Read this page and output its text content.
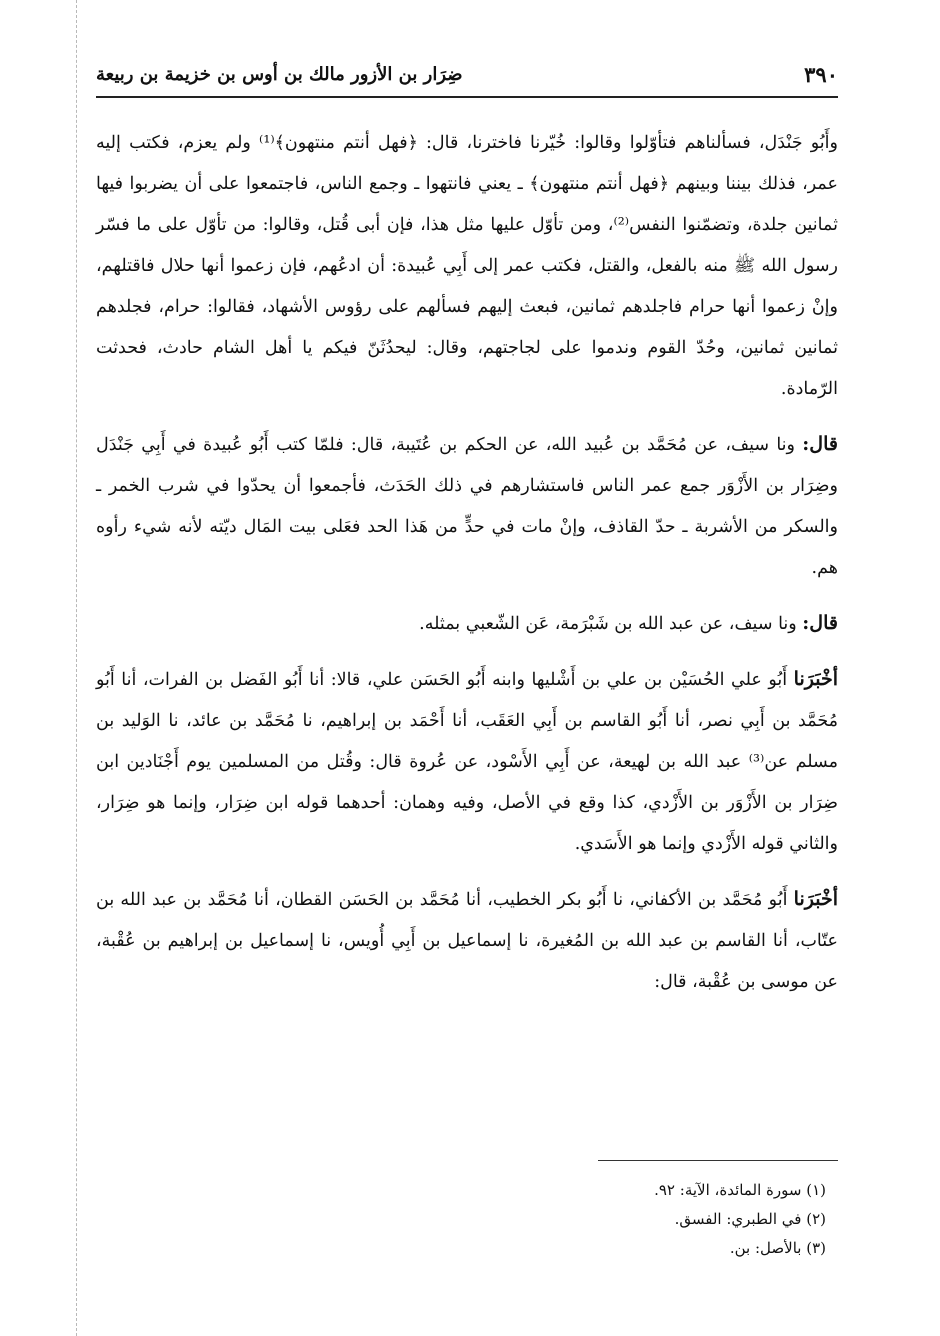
٣٩٠
ضِرَار بن الأزور مالك بن أوس بن خزيمة بن ربيعة

وأَبُو جَنْدَل، فسألناهم فتأوّلوا وقالوا: خُيّرنا فاخترنا، قال: ﴿فهل أنتم منتهون﴾⁽¹⁾ ولم يعزم، فكتب إليه عمر، فذلك بيننا وبينهم ﴿فهل أنتم منتهون﴾ ـ يعني فانتهوا ـ وجمع الناس، فاجتمعوا على أن يضربوا فيها ثمانين جلدة، وتضمّنوا النفس⁽²⁾، ومن تأوّل عليها مثل هذا، فإن أبى قُتل، وقالوا: من تأوّل على ما فسّر رسول الله ﷺ منه بالفعل، والقتل، فكتب عمر إلى أَبِي عُبيدة: أن ادعُهم، فإن زعموا أنها حلال فاقتلهم، وإنْ زعموا أنها حرام فاجلدهم ثمانين، فبعث إليهم فسألهم على رؤوس الأشهاد، فقالوا: حرام، فجلدهم ثمانين ثمانين، وحُدّ القوم وندموا على لجاجتهم، وقال: ليحدُثَنّ فيكم يا أهل الشام حادث، فحدثت الرّمادة.

قال: ونا سيف، عن مُحَمَّد بن عُبيد الله، عن الحكم بن عُتَيبة، قال: فلمّا كتب أَبُو عُبيدة في أَبِي جَنْدَل وضِرَار بن الأَزْوَر جمع عمر الناس فاستشارهم في ذلك الحَدَث، فأجمعوا أن يحدّوا في شرب الخمر ـ والسكر من الأشربة ـ حدّ القاذف، وإنْ مات في حدٍّ من هَذا الحد فعَلى بيت المَال ديّته لأنه شيء رأوه هم.

قال: ونا سيف، عن عبد الله بن شَبْرَمة، عَن الشّعبي بمثله.

أخْبَرَنا أَبُو علي الحُسَيْن بن علي بن أَشْليها وابنه أَبُو الحَسَن علي، قالا: أنا أَبُو الفَضل بن الفرات، أنا أَبُو مُحَمَّد بن أَبِي نصر، أنا أَبُو القاسم بن أَبِي العَقَب، أنا أَحْمَد بن إبراهيم، نا مُحَمَّد بن عائد، نا الوَليد بن مسلم عن⁽³⁾ عبد الله بن لهيعة، عن أَبِي الأَسْود، عن عُروة قال: وقُتل من المسلمين يوم أَجْنَادين ابن ضِرَار بن الأَزْوَر بن الأَزْدي، كذا وقع في الأصل، وفيه وهمان: أحدهما قوله ابن ضِرَار، وإنما هو ضِرَار، والثاني قوله الأَزْدي وإنما هو الأَسَدي.

أخْبَرَنا أَبُو مُحَمَّد بن الأكفاني، نا أَبُو بكر الخطيب، أنا مُحَمَّد بن الحَسَن القطان، أنا مُحَمَّد بن عبد الله بن عتّاب، أنا القاسم بن عبد الله بن المُغيرة، نا إسماعيل بن أَبِي أُويس، نا إسماعيل بن إبراهيم بن عُقْبة، عن موسى بن عُقْبة، قال:

(١) سورة المائدة، الآية: ٩٢.

(٢) في الطبري: الفسق.

(٣) بالأصل: بن.
